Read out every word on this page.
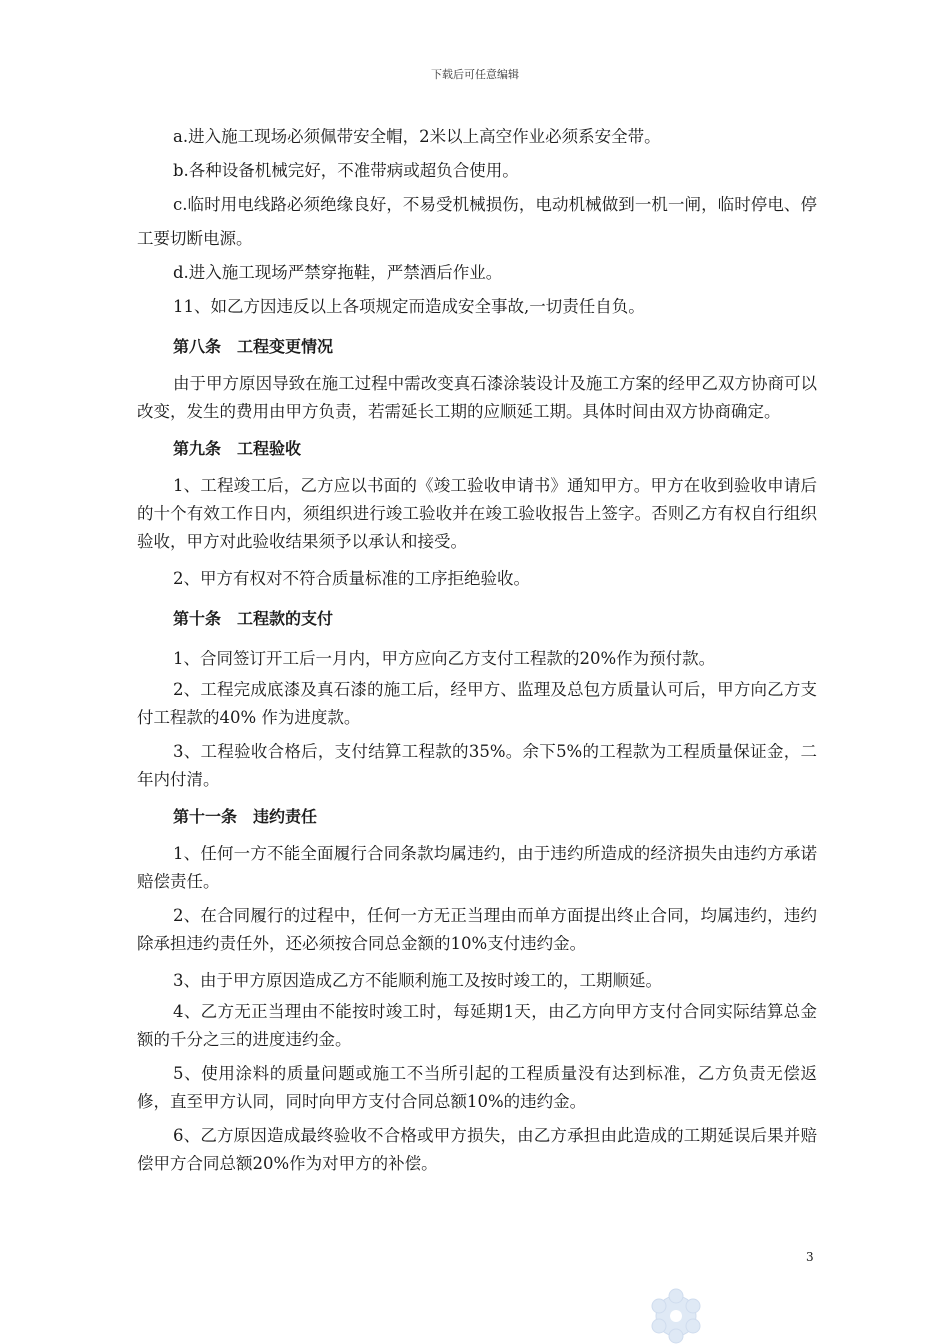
下载后可任意编辑

a.进入施工现场必须佩带安全帽，2米以上高空作业必须系安全带。

b.各种设备机械完好，不准带病或超负合使用。

c.临时用电线路必须绝缘良好，不易受机械损伤，电动机械做到一机一闸，临时停电、停工要切断电源。

d.进入施工现场严禁穿拖鞋，严禁酒后作业。

11、如乙方因违反以上各项规定而造成安全事故,一切责任自负。

第八条　工程变更情况

由于甲方原因导致在施工过程中需改变真石漆涂装设计及施工方案的经甲乙双方协商可以改变，发生的费用由甲方负责，若需延长工期的应顺延工期。具体时间由双方协商确定。

第九条　工程验收

1、工程竣工后，乙方应以书面的《竣工验收申请书》通知甲方。甲方在收到验收申请后的十个有效工作日内，须组织进行竣工验收并在竣工验收报告上签字。否则乙方有权自行组织验收，甲方对此验收结果须予以承认和接受。

2、甲方有权对不符合质量标准的工序拒绝验收。

第十条　工程款的支付

1、合同签订开工后一月内，甲方应向乙方支付工程款的20%作为预付款。

2、工程完成底漆及真石漆的施工后，经甲方、监理及总包方质量认可后，甲方向乙方支付工程款的40% 作为进度款。

3、工程验收合格后，支付结算工程款的35%。余下5%的工程款为工程质量保证金，二年内付清。

第十一条　违约责任

1、任何一方不能全面履行合同条款均属违约，由于违约所造成的经济损失由违约方承诺赔偿责任。

2、在合同履行的过程中，任何一方无正当理由而单方面提出终止合同，均属违约，违约除承担违约责任外，还必须按合同总金额的10%支付违约金。

3、由于甲方原因造成乙方不能顺利施工及按时竣工的，工期顺延。

4、乙方无正当理由不能按时竣工时，每延期1天，由乙方向甲方支付合同实际结算总金额的千分之三的进度违约金。

5、使用涂料的质量问题或施工不当所引起的工程质量没有达到标准，乙方负责无偿返修，直至甲方认同，同时向甲方支付合同总额10%的违约金。

6、乙方原因造成最终验收不合格或甲方损失，由乙方承担由此造成的工期延误后果并赔偿甲方合同总额20%作为对甲方的补偿。

3
